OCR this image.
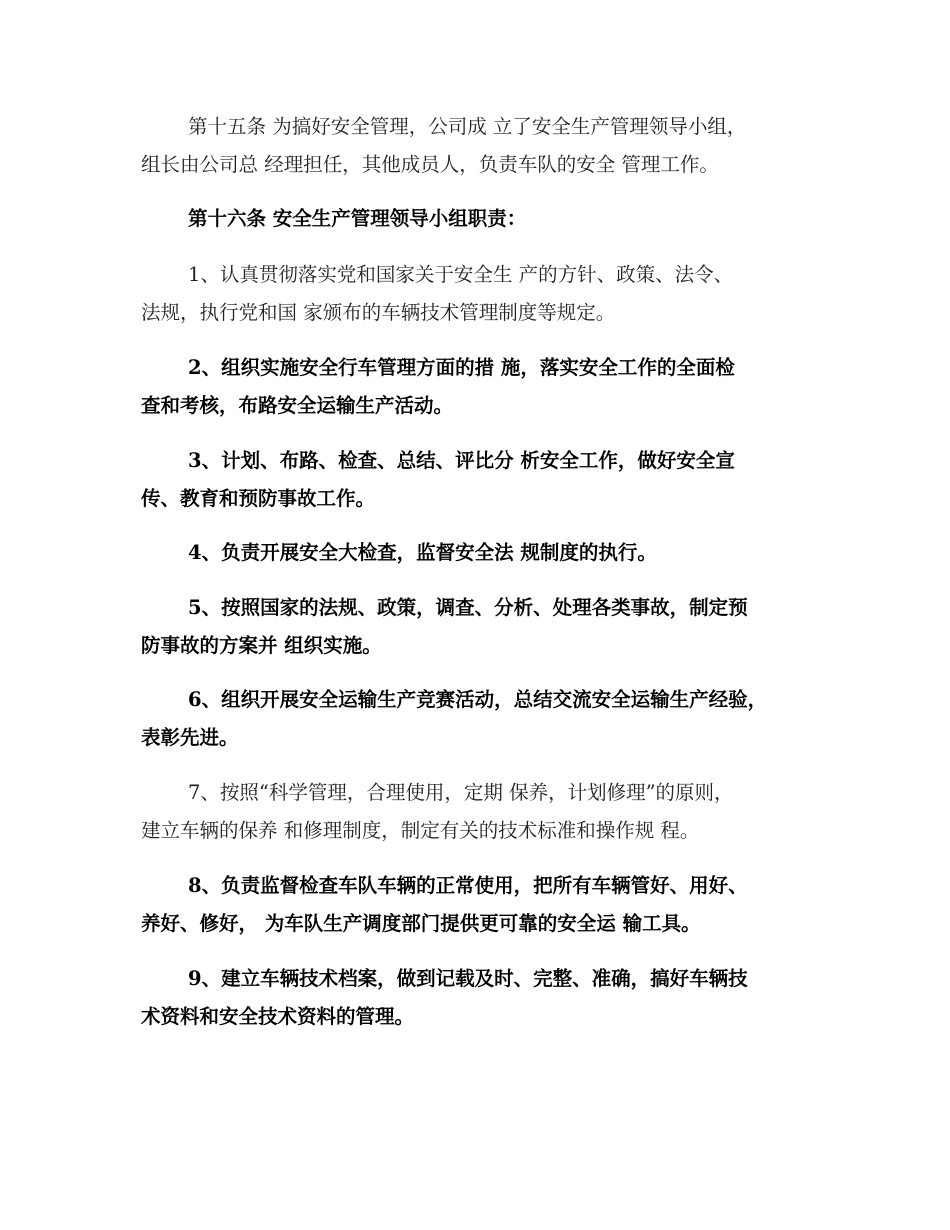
第十五条 为搞好安全管理，公司成 立了安全生产管理领导小组，
组长由公司总 经理担任，其他成员人，负责车队的安全 管理工作。
第十六条 安全生产管理领导小组职责：
1、认真贯彻落实党和国家关于安全生 产的方针、政策、法令、
法规，执行党和国 家颁布的车辆技术管理制度等规定。
2、组织实施安全行车管理方面的措 施，落实安全工作的全面检
查和考核，布路安全运输生产活动。
3、计划、布路、检查、总结、评比分 析安全工作，做好安全宣
传、教育和预防事故工作。
4、负责开展安全大检查，监督安全法 规制度的执行。
5、按照国家的法规、政策，调查、分析、处理各类事故，制定预
防事故的方案并 组织实施。
6、组织开展安全运输生产竞赛活动，总结交流安全运输生产经验，
表彰先进。
7、按照“科学管理，合理使用，定期 保养，计划修理”的原则，
建立车辆的保养 和修理制度，制定有关的技术标准和操作规 程。
8、负责监督检查车队车辆的正常使用，把所有车辆管好、用好、
养好、修好， 为车队生产调度部门提供更可靠的安全运 输工具。
9、建立车辆技术档案，做到记载及时、完整、准确，搞好车辆技
术资料和安全技术资料的管理。
